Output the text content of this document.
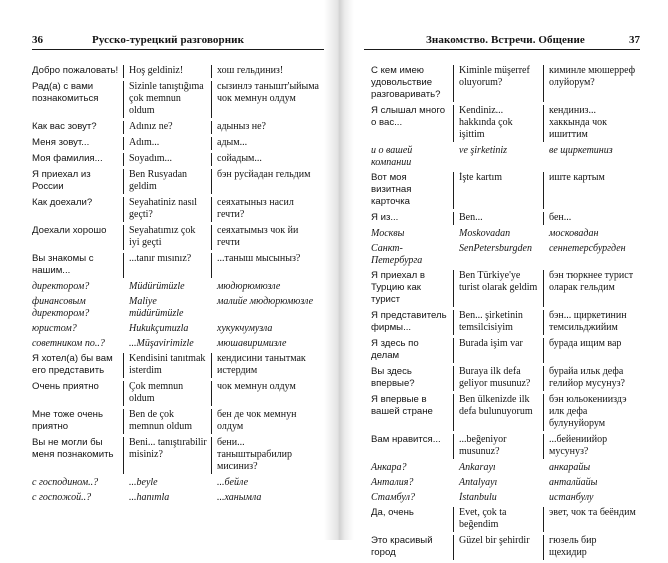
36	Русско-турецкий разговорник
Добро пожаловать!	Hoş geldiniz!	хош гельдиниз!
Рад(а) с вами познакомиться	Sizinle tanıştığıma çok memnun oldum	сызинлэ танышт'ыйыма чок мемнун олдум
Как вас зовут?	Adınız ne?	адыныз не?
Меня зовут...	Adım...	адым...
Моя фамилия...	Soyadım...	сойадым...
Я приехал из России	Ben Rusyadan geldim	бэн русйадан гельдим
Как доехали?	Seyahatiniz nasıl geçti?	сеяхатыныз насил гечти?
Доехали хорошо	Seyahatımız çok iyi geçti	сеяхатымыз чок йи гечти
Вы знакомы с нашим...	...tanır mısınız?	...таныш мысыныз?
директором?	Müdürümüzle	мюдюрюмюзле
финансовым директором?	Maliye müdürümüzle	малийе мюдюрюмюзле
юристом?	Hukukçumuzla	хукукчумузла
советником по..?	...Müşavirimizle	мюшавиримизле
Я хотел(а) бы вам его представить	Kendisini tanıtmak isterdim	кендисини танытмак истердим
Очень приятно	Çok memnun oldum	чок мемнун олдум
Мне тоже очень приятно	Ben de çok memnun oldum	бен де чок мемнун олдум
Вы не могли бы меня познакомить	Beni... tanıştırabilir misiniz?	бени... таныштырабилир мисиниз?
с господином..?	...beyle	...бейле
с госпожой..?	...hanımla	...ханымла
Знакомство. Встречи. Общение	37
С кем имею удовольствие разговаривать?	Kiminle müşerref oluyorum?	киминле мюшерреф олуйорум?
Я слышал много о вас...	Kendiniz... hakkında çok işittim	кендиниз... хаккында чок ишиттим
и о вашей компании	ve şirketiniz	ве щиркетиниз
Вот моя визитная карточка	İşte kartım	иште картым
Я из...	Ben...	бен...
Москвы	Moskovadan	московадан
Санкт-Петербурга	SenPetersburgden	сеннетерсбургден
Я приехал в Турцию как турист	Ben Türkiye'ye turist olarak geldim	бэн тюркнее турист оларак гельдим
Я представитель фирмы...	Ben... şirketinin temsilcisiyim	бэн... щиркетинин темсильджийим
Я здесь по делам	Burada işim var	бурада ищим вар
Вы здесь впервые?	Buraya ilk defa geliyor musunuz?	бурайа ильк дефа гелийор мусунуз?
Я впервые в вашей стране	Ben ülkenizde ilk defa bulunuyorum	бэн юльокенииздэ илк дефа булунуйорум
Вам нравится...	...beğeniyor musunuz?	...бейениийор мусунуз?
Анкара?	Ankarayı	анкарайы
Анталия?	Antalyayı	анталйайы
Стамбул?	İstanbulu	истанбулу
Да, очень	Evet, çok ta beğendim	эвет, чок та беёндим
Это красивый город	Güzel bir şehirdir	гюзель бир щехидир
